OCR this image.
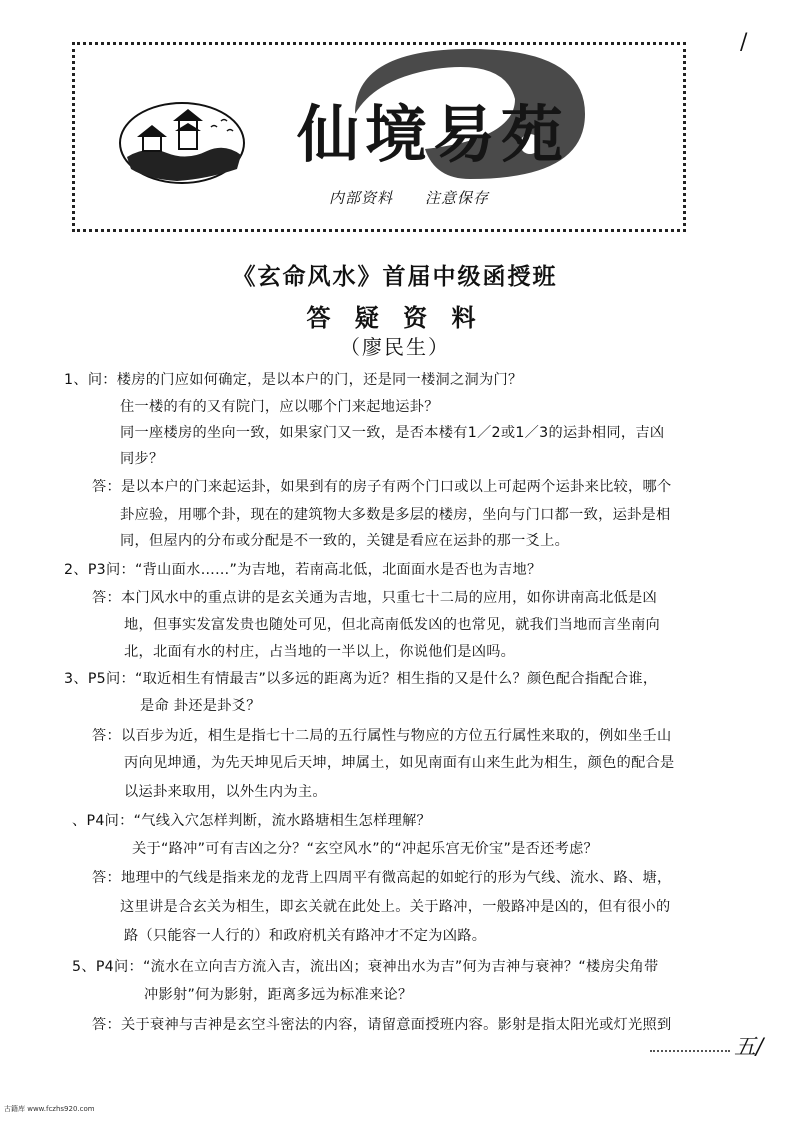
仙境易苑
内部资料　　注意保存
/
《玄命风水》首届中级函授班
答 疑 资 料
（廖民生）
1、问：楼房的门应如何确定，是以本户的门，还是同一楼洞之洞为门？
住一楼的有的又有院门，应以哪个门来起地运卦？
同一座楼房的坐向一致，如果家门又一致，是否本楼有1／2或1／3的运卦相同，吉凶
同步？
答：是以本户的门来起运卦，如果到有的房子有两个门口或以上可起两个运卦来比较，哪个
卦应验，用哪个卦，现在的建筑物大多数是多层的楼房，坐向与门口都一致，运卦是相
同，但屋内的分布或分配是不一致的，关键是看应在运卦的那一爻上。
2、P3问：“背山面水……”为吉地，若南高北低，北面面水是否也为吉地？
答：本门风水中的重点讲的是玄关通为吉地，只重七十二局的应用，如你讲南高北低是凶
地，但事实发富发贵也随处可见，但北高南低发凶的也常见，就我们当地而言坐南向
北，北面有水的村庄，占当地的一半以上，你说他们是凶吗。
3、P5问：“取近相生有情最吉”以多远的距离为近？相生指的又是什么？颜色配合指配合谁，
是命 卦还是卦爻？
答：以百步为近，相生是指七十二局的五行属性与物应的方位五行属性来取的，例如坐壬山
丙向见坤通，为先天坤见后天坤，坤属土，如见南面有山来生此为相生，颜色的配合是
以运卦来取用，以外生内为主。
、P4问：“气线入穴怎样判断，流水路塘相生怎样理解？
关于“路冲”可有吉凶之分？“玄空风水”的“冲起乐宫无价宝”是否还考虑？
答：地理中的气线是指来龙的龙背上四周平有微高起的如蛇行的形为气线、流水、路、塘，
这里讲是合玄关为相生，即玄关就在此处上。关于路冲，一般路冲是凶的，但有很小的
路（只能容一人行的）和政府机关有路冲才不定为凶路。
5、P4问：“流水在立向吉方流入吉，流出凶；衰神出水为吉”何为吉神与衰神？“楼房尖角带
冲影射”何为影射，距离多远为标准来论？
答：关于衰神与吉神是玄空斗密法的内容，请留意面授班内容。影射是指太阳光或灯光照到
五/
古籍库 www.fczhs920.com
